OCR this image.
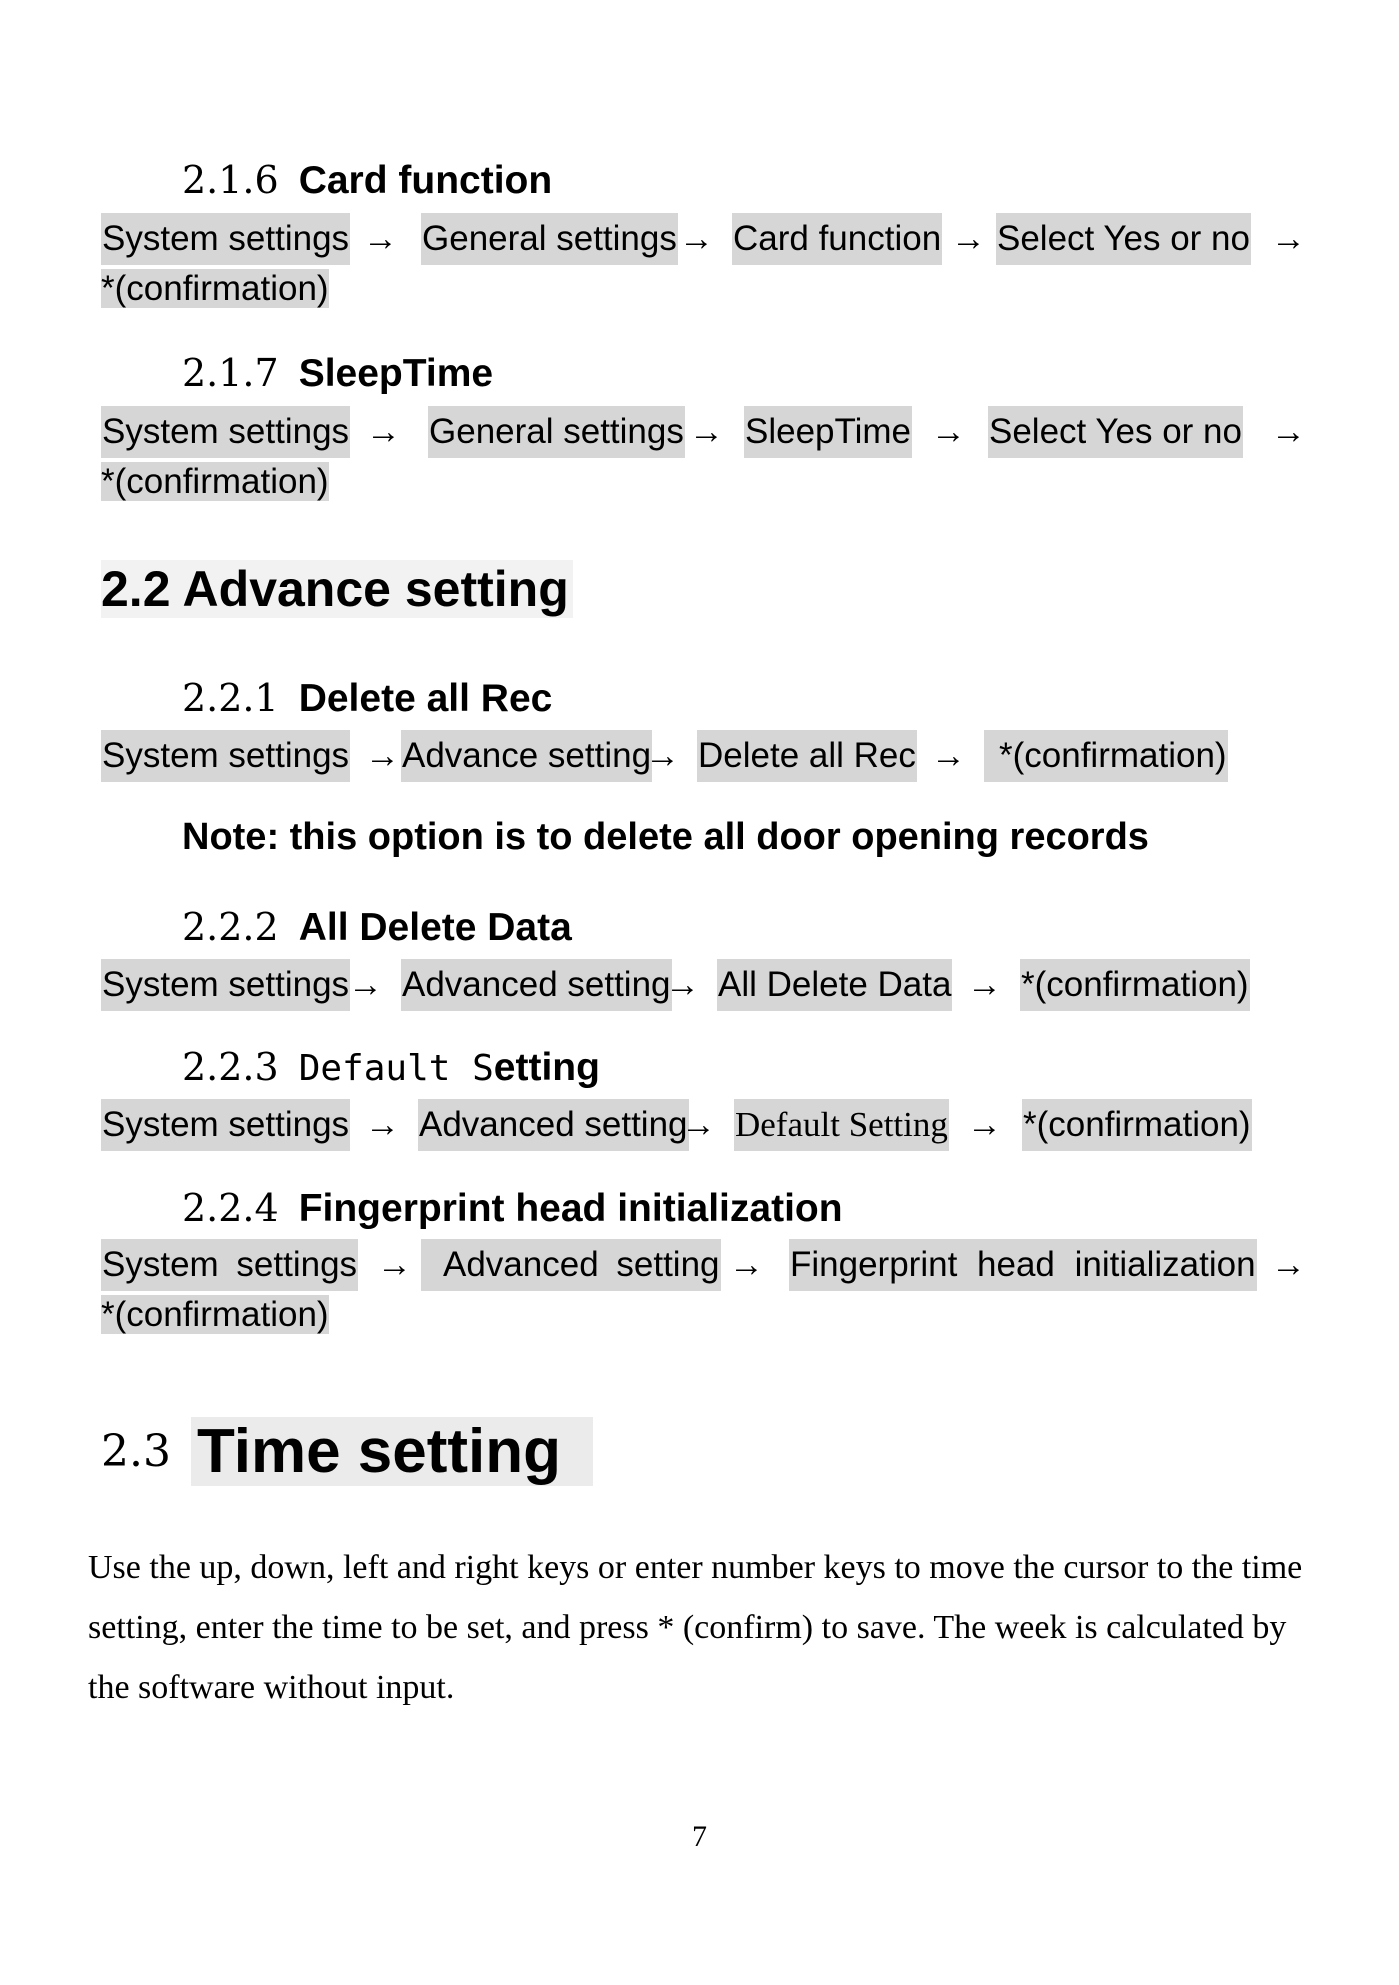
2.1.6 Card function
System settings → General settings → Card function → Select Yes or no →
*(confirmation)
2.1.7 SleepTime
System settings → General settings → SleepTime → Select Yes or no →
*(confirmation)
2.2 Advance setting
2.2.1 Delete all Rec
System settings → Advance setting
→ Delete all Rec → *(confirmation)
Note: this option is to delete all door opening records
2.2.2 All Delete Data
System settings
→ Advanced setting
→ All Delete Data → *(confirmation)
2.2.3 Default Setting
System settings → Advanced setting
→ Default Setting → *(confirmation)
2.2.4 Fingerprint head initialization
System settings → Advanced setting → Fingerprint head initialization →
*(confirmation)
2.3 Time setting
Use the up, down, left and right keys or enter number keys to move the cursor to the time setting, enter the time to be set, and press * (confirm) to save. The week is calculated by the software without input.
7
